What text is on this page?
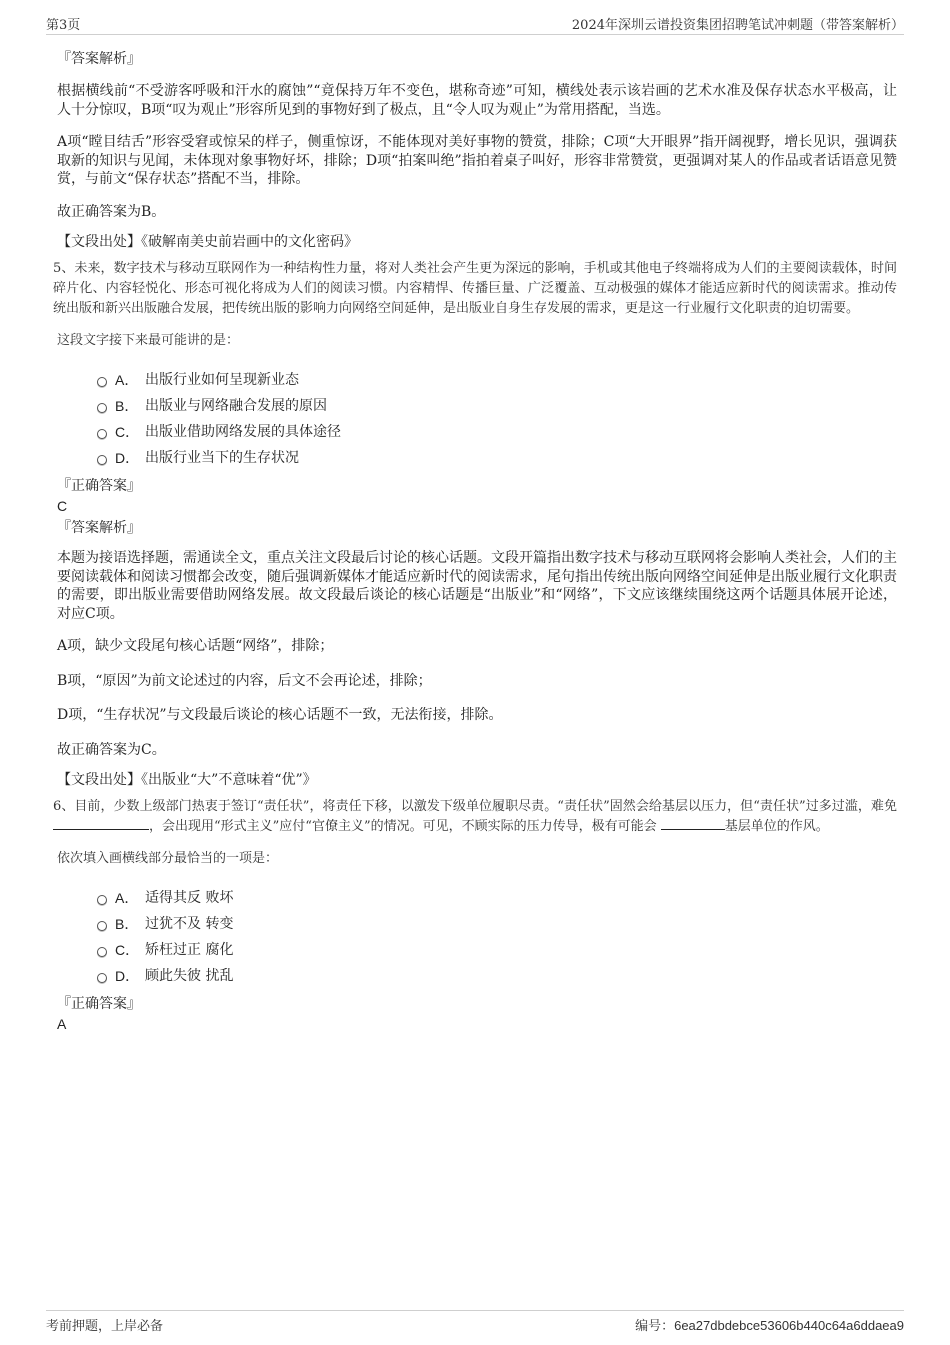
第3页	2024年深圳云谱投资集团招聘笔试冲刺题（带答案解析）

『答案解析』

根据横线前“不受游客呼吸和汗水的腐蚀”“竟保持万年不变色，堪称奇迹”可知，横线处表示该岩画的艺术水准及保存状态水平极高，让人十分惊叹，B项“叹为观止”形容所见到的事物好到了极点，且“令人叹为观止”为常用搭配，当选。

A项“瞠目结舌”形容受窘或惊呆的样子，侧重惊讶，不能体现对美好事物的赞赏，排除；C项“大开眼界”指开阔视野，增长见识，强调获取新的知识与见闻，未体现对象事物好坏，排除；D项“拍案叫绝”指拍着桌子叫好，形容非常赞赏，更强调对某人的作品或者话语意见赞赏，与前文“保存状态”搭配不当，排除。

故正确答案为B。

【文段出处】《破解南美史前岩画中的文化密码》

5、未来，数字技术与移动互联网作为一种结构性力量，将对人类社会产生更为深远的影响，手机或其他电子终端将成为人们的主要阅读载体，时间碎片化、内容轻悦化、形态可视化将成为人们的阅读习惯。内容精悍、传播巨量、广泛覆盖、互动极强的媒体才能适应新时代的阅读需求。推动传统出版和新兴出版融合发展，把传统出版的影响力向网络空间延伸，是出版业自身生存发展的需求，更是这一行业履行文化职责的迫切需要。

这段文字接下来最可能讲的是：

A． 出版行业如何呈现新业态
B． 出版业与网络融合发展的原因
C． 出版业借助网络发展的具体途径
D． 出版行业当下的生存状况

『正确答案』

C

『答案解析』

本题为接语选择题，需通读全文，重点关注文段最后讨论的核心话题。文段开篇指出数字技术与移动互联网将会影响人类社会，人们的主要阅读载体和阅读习惯都会改变，随后强调新媒体才能适应新时代的阅读需求，尾句指出传统出版向网络空间延伸是出版业履行文化职责的需要，即出版业需要借助网络发展。故文段最后谈论的核心话题是“出版业”和“网络”，下文应该继续围绕这两个话题具体展开论述，对应C项。

A项，缺少文段尾句核心话题“网络”，排除；

B项，“原因”为前文论述过的内容，后文不会再论述，排除；

D项，“生存状况”与文段最后谈论的核心话题不一致，无法衔接，排除。

故正确答案为C。

【文段出处】《出版业“大”不意味着“优”》

6、目前，少数上级部门热衷于签订“责任状”，将责任下移，以激发下级单位履职尽责。“责任状”固然会给基层以压力，但“责任状”过多过滥，难免 ，会出现用“形式主义”应付“官僚主义”的情况。可见，不顾实际的压力传导，极有可能会	基层单位的作风。

依次填入画横线部分最恰当的一项是：

A． 适得其反 败坏
B． 过犹不及 转变
C． 矫枉过正 腐化
D． 顾此失彼 扰乱

『正确答案』

A

考前押题，上岸必备	编号：6ea27dbdebce53606b440c64a6ddaea9
